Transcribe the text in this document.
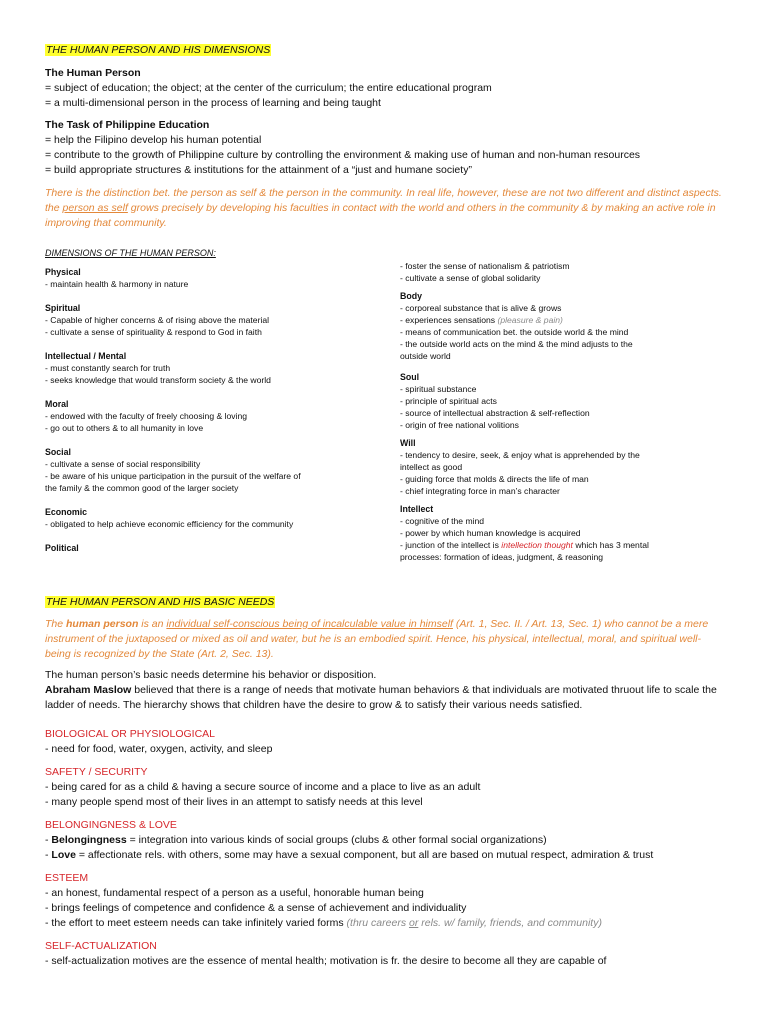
THE HUMAN PERSON AND HIS DIMENSIONS
The Human Person
= subject of education; the object; at the center of the curriculum; the entire educational program
= a multi-dimensional person in the process of learning and being taught
The Task of Philippine Education
= help the Filipino develop his human potential
= contribute to the growth of Philippine culture by controlling the environment & making use of human and non-human resources
= build appropriate structures & institutions for the attainment of a “just and humane society”
There is the distinction bet. the person as self & the person in the community. In real life, however, these are not two different and distinct aspects. the person as self grows precisely by developing his faculties in contact with the world and others in the community & by making an active role in improving that community.
DIMENSIONS OF THE HUMAN PERSON:
Physical
- maintain health & harmony in nature
Spiritual
- Capable of higher concerns & of rising above the material
- cultivate a sense of spirituality & respond to God in faith
Intellectual / Mental
- must constantly search for truth
- seeks knowledge that would transform society & the world
Moral
- endowed with the faculty of freely choosing & loving
- go out to others & to all humanity in love
Social
- cultivate a sense of social responsibility
- be aware of his unique participation in the pursuit of the welfare of
the family & the common good of the larger society
Economic
- obligated to help achieve economic efficiency for the community
Political
- foster the sense of nationalism & patriotism
- cultivate a sense of global solidarity
Body
- corporeal substance that is alive & grows
- experiences sensations (pleasure & pain)
- means of communication bet. the outside world & the mind
- the outside world acts on the mind & the mind adjusts to the
outside world
Soul
- spiritual substance
- principle of spiritual acts
- source of intellectual abstraction & self-reflection
- origin of free national volitions
Will
- tendency to desire, seek, & enjoy what is apprehended by the
intellect as good
- guiding force that molds & directs the life of man
- chief integrating force in man’s character
Intellect
- cognitive of the mind
- power by which human knowledge is acquired
- junction of the intellect is intellection thought which has 3 mental
processes: formation of ideas, judgment, & reasoning
THE HUMAN PERSON AND HIS BASIC NEEDS
The human person is an individual self-conscious being of incalculable value in himself (Art. 1, Sec. II. / Art. 13, Sec. 1) who cannot be a mere instrument of the juxtaposed or mixed as oil and water, but he is an embodied spirit. Hence, his physical, intellectual, moral, and spiritual well-being is recognized by the State (Art. 2, Sec. 13).
The human person’s basic needs determine his behavior or disposition.
Abraham Maslow believed that there is a range of needs that motivate human behaviors & that individuals are motivated thruout life to scale the ladder of needs. The hierarchy shows that children have the desire to grow & to satisfy their various needs satisfied.
BIOLOGICAL OR PHYSIOLOGICAL
- need for food, water, oxygen, activity, and sleep
SAFETY / SECURITY
- being cared for as a child & having a secure source of income and a place to live as an adult
- many people spend most of their lives in an attempt to satisfy needs at this level
BELONGINGNESS & LOVE
- Belongingness = integration into various kinds of social groups (clubs & other formal social organizations)
- Love = affectionate rels. with others, some may have a sexual component, but all are based on mutual respect, admiration & trust
ESTEEM
- an honest, fundamental respect of a person as a useful, honorable human being
- brings feelings of competence and confidence & a sense of achievement and individuality
- the effort to meet esteem needs can take infinitely varied forms (thru careers or rels. w/ family, friends, and community)
SELF-ACTUALIZATION
- self-actualization motives are the essence of mental health; motivation is fr. the desire to become all they are capable of
